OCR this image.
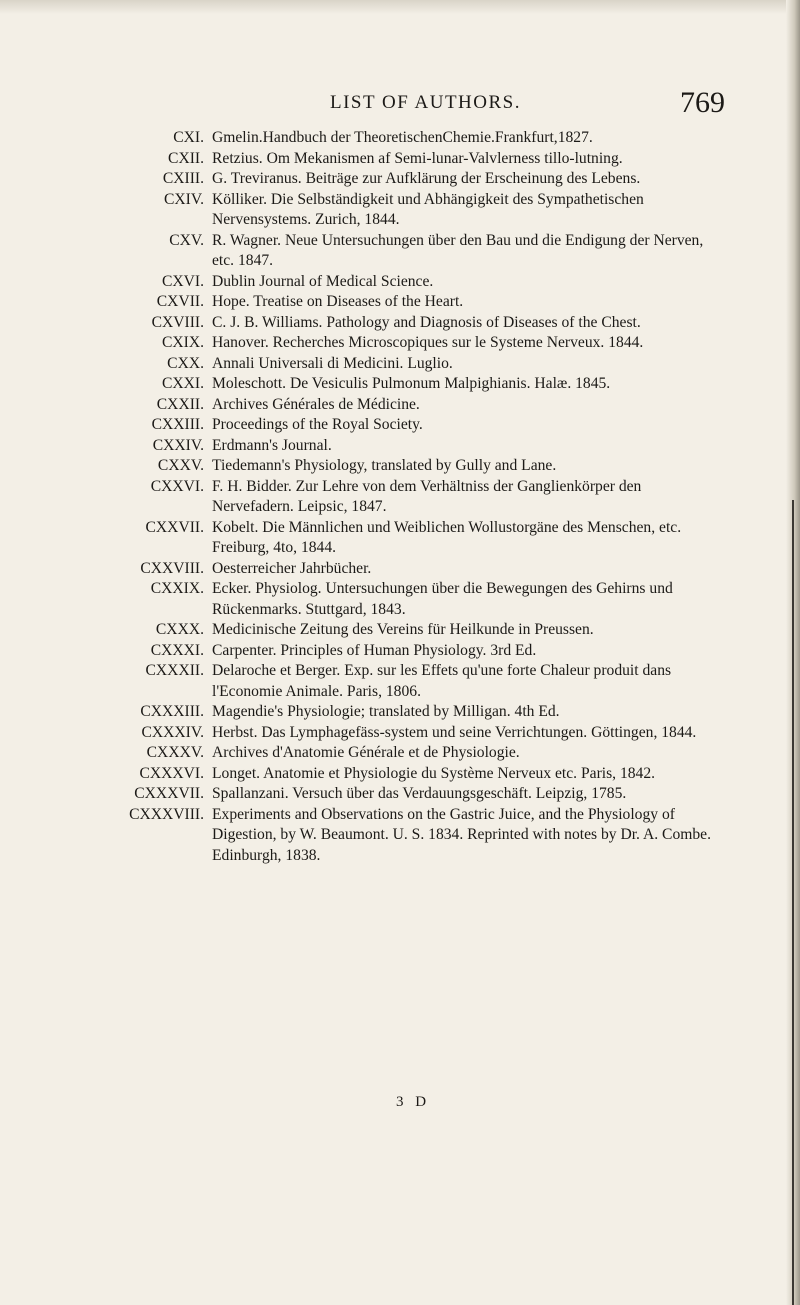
LIST OF AUTHORS.	769
CXI. Gmelin.Handbuch der TheoretischenChemie.Frankfurt,1827.
CXII. Retzius. Om Mekanismen af Semi-lunar-Valvlerness tillo-lutning.
CXIII. G. Treviranus. Beiträge zur Aufklärung der Erscheinung des Lebens.
CXIV. Kölliker. Die Selbständigkeit und Abhängigkeit des Sympathetischen Nervensystems. Zurich, 1844.
CXV. R. Wagner. Neue Untersuchungen über den Bau und die Endigung der Nerven, etc. 1847.
CXVI. Dublin Journal of Medical Science.
CXVII. Hope. Treatise on Diseases of the Heart.
CXVIII. C. J. B. Williams. Pathology and Diagnosis of Diseases of the Chest.
CXIX. Hanover. Recherches Microscopiques sur le Systeme Nerveux. 1844.
CXX. Annali Universali di Medicini. Luglio.
CXXI. Moleschott. De Vesiculis Pulmonum Malpighianis. Halæ. 1845.
CXXII. Archives Générales de Médicine.
CXXIII. Proceedings of the Royal Society.
CXXIV. Erdmann's Journal.
CXXV. Tiedemann's Physiology, translated by Gully and Lane.
CXXVI. F. H. Bidder. Zur Lehre von dem Verhältniss der Ganglienkörper den Nervefadern. Leipsic, 1847.
CXXVII. Kobelt. Die Männlichen und Weiblichen Wollustorgäne des Menschen, etc. Freiburg, 4to, 1844.
CXXVIII. Oesterreicher Jahrbücher.
CXXIX. Ecker. Physiolog. Untersuchungen über die Bewegungen des Gehirns und Rückenmarks. Stuttgard, 1843.
CXXX. Medicinische Zeitung des Vereins für Heilkunde in Preussen.
CXXXI. Carpenter. Principles of Human Physiology. 3rd Ed.
CXXXII. Delaroche et Berger. Exp. sur les Effets qu'une forte Chaleur produit dans l'Economie Animale. Paris, 1806.
CXXXIII. Magendie's Physiologie; translated by Milligan. 4th Ed.
CXXXIV. Herbst. Das Lymphagefäss-system und seine Verrichtungen. Göttingen, 1844.
CXXXV. Archives d'Anatomie Générale et de Physiologie.
CXXXVI. Longet. Anatomie et Physiologie du Système Nerveux etc. Paris, 1842.
CXXXVII. Spallanzani. Versuch über das Verdauungsgeschäft. Leipzig, 1785.
CXXXVIII. Experiments and Observations on the Gastric Juice, and the Physiology of Digestion, by W. Beaumont. U. S. 1834. Reprinted with notes by Dr. A. Combe. Edinburgh, 1838.
3 D
